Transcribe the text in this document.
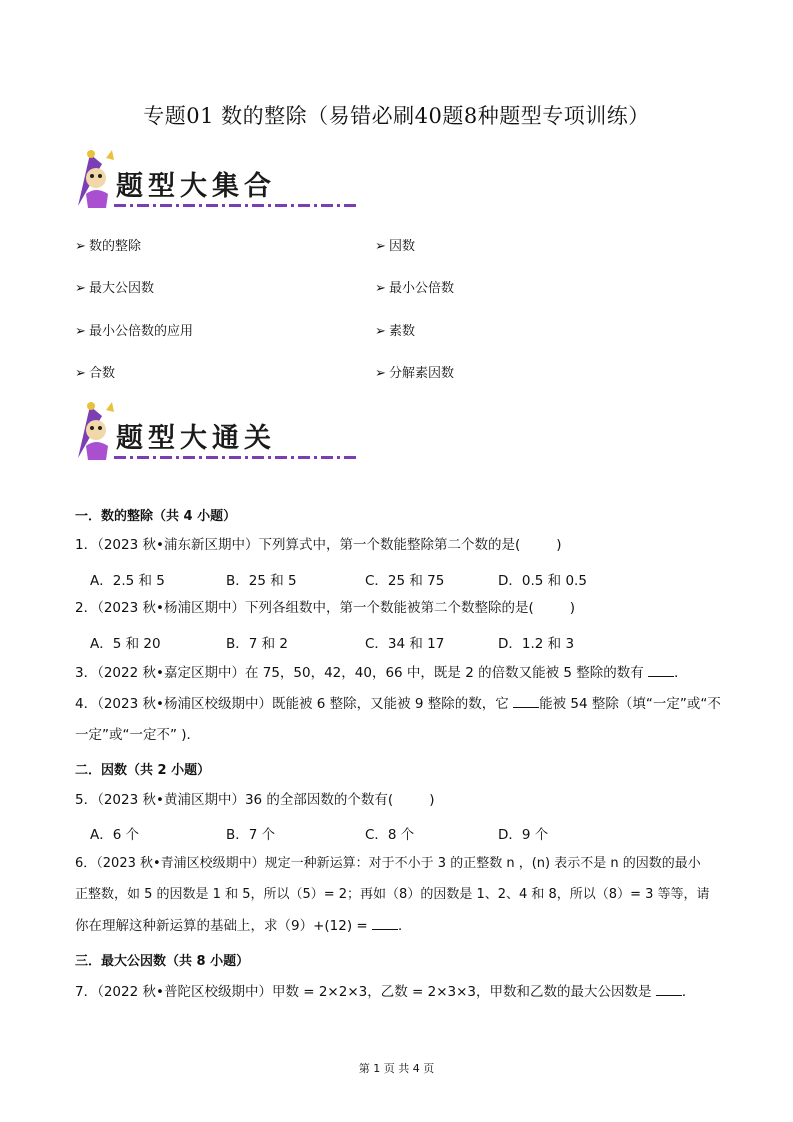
专题01 数的整除（易错必刷40题8种题型专项训练）
题型大集合
➢ 数的整除	➢ 因数
➢ 最大公因数	➢ 最小公倍数
➢ 最小公倍数的应用	➢ 素数
➢ 合数	➢ 分解素因数
题型大通关
一．数的整除（共 4 小题）
1．（2023 秋•浦东新区期中）下列算式中，第一个数能整除第二个数的是(	)
A．2.5 和 5	B．25 和 5	C．25 和 75	D．0.5 和 0.5
2．（2023 秋•杨浦区期中）下列各组数中，第一个数能被第二个数整除的是(	)
A．5 和 20	B．7 和 2	C．34 和 17	D．1.2 和 3
3．（2022 秋•嘉定区期中）在 75，50，42，40，66 中，既是 2 的倍数又能被 5 整除的数有 ．
4．（2023 秋•杨浦区校级期中）既能被 6 整除，又能被 9 整除的数，它 能被 54 整除（填“一定”或“不
一定”或“一定不” )．
二．因数（共 2 小题）
5．（2023 秋•黄浦区期中）36 的全部因数的个数有(	)
A．6 个	B．7 个	C．8 个	D．9 个
6．（2023 秋•青浦区校级期中）规定一种新运算：对于不小于 3 的正整数 n ，(n) 表示不是 n 的因数的最小
正整数，如 5 的因数是 1 和 5，所以（5）= 2；再如（8）的因数是 1、2、4 和 8，所以（8）= 3 等等，请
你在理解这种新运算的基础上，求（9）+(12) = ．
三．最大公因数（共 8 小题）
7．（2022 秋•普陀区校级期中）甲数 = 2×2×3，乙数 = 2×3×3，甲数和乙数的最大公因数是 ．
第 1 页 共 4 页
